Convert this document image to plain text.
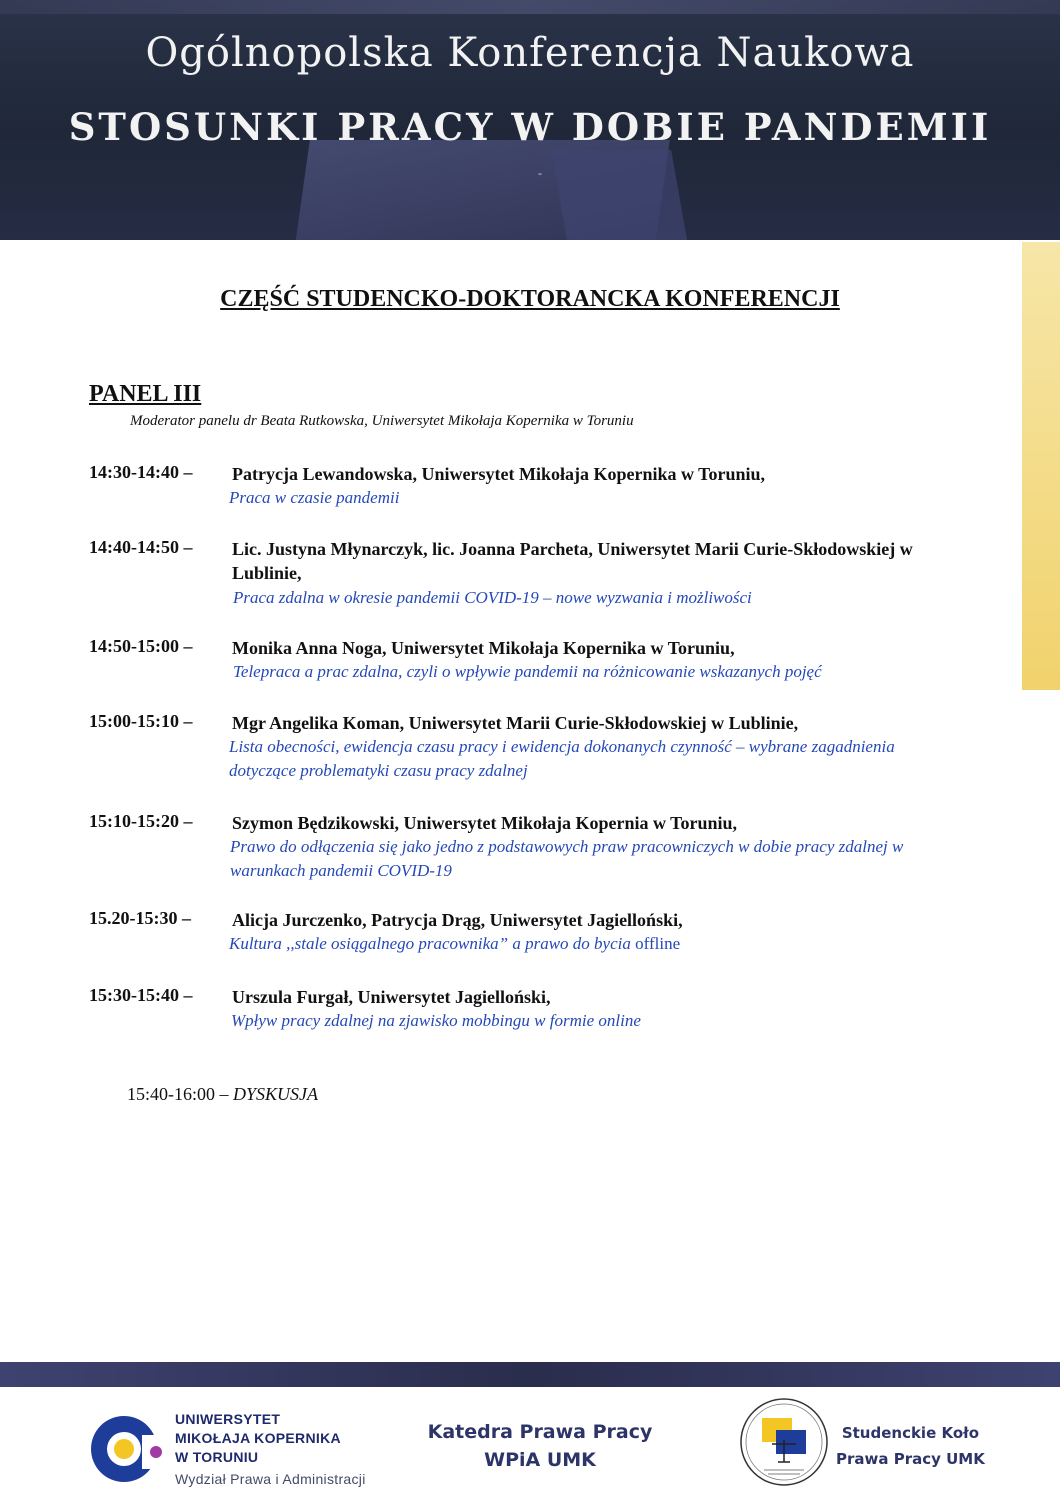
Ogólnopolska Konferencja Naukowa
STOSUNKI PRACY W DOBIE PANDEMII
-
CZĘŚĆ STUDENCKO-DOKTORANCKA KONFERENCJI
PANEL III
Moderator panelu dr Beata Rutkowska, Uniwersytet Mikołaja Kopernika w Toruniu
14:30-14:40 – Patrycja Lewandowska, Uniwersytet Mikołaja Kopernika w Toruniu,
Praca w czasie pandemii
14:40-14:50 – Lic. Justyna Młynarczyk, lic. Joanna Parcheta, Uniwersytet Marii Curie-Skłodowskiej w Lublinie,
Praca zdalna w okresie pandemii COVID-19 – nowe wyzwania i możliwości
14:50-15:00 – Monika Anna Noga, Uniwersytet Mikołaja Kopernika w Toruniu,
Telepraca a prac zdalna, czyli o wpływie pandemii na różnicowanie wskazanych pojęć
15:00-15:10 – Mgr Angelika Koman, Uniwersytet Marii Curie-Skłodowskiej w Lublinie,
Lista obecności, ewidencja czasu pracy i ewidencja dokonanych czynność – wybrane zagadnienia dotyczące problematyki czasu pracy zdalnej
15:10-15:20 – Szymon Będzikowski, Uniwersytet Mikołaja Kopernia w Toruniu,
Prawo do odłączenia się jako jedno z podstawowych praw pracowniczych w dobie pracy zdalnej w warunkach pandemii COVID-19
15.20-15:30 – Alicja Jurczenko, Patrycja Drąg, Uniwersytet Jagielloński,
Kultura ,,stale osiągalnego pracownika” a prawo do bycia offline
15:30-15:40 – Urszula Furgał, Uniwersytet Jagielloński,
Wpływ pracy zdalnej na zjawisko mobbingu w formie online
15:40-16:00 – DYSKUSJA
UNIWERSYTET
MIKOŁAJA KOPERNIKA
W TORUNIU
Wydział Prawa i Administracji
Katedra Prawa Pracy
WPiA UMK
Studenckie Koło
Prawa Pracy UMK
